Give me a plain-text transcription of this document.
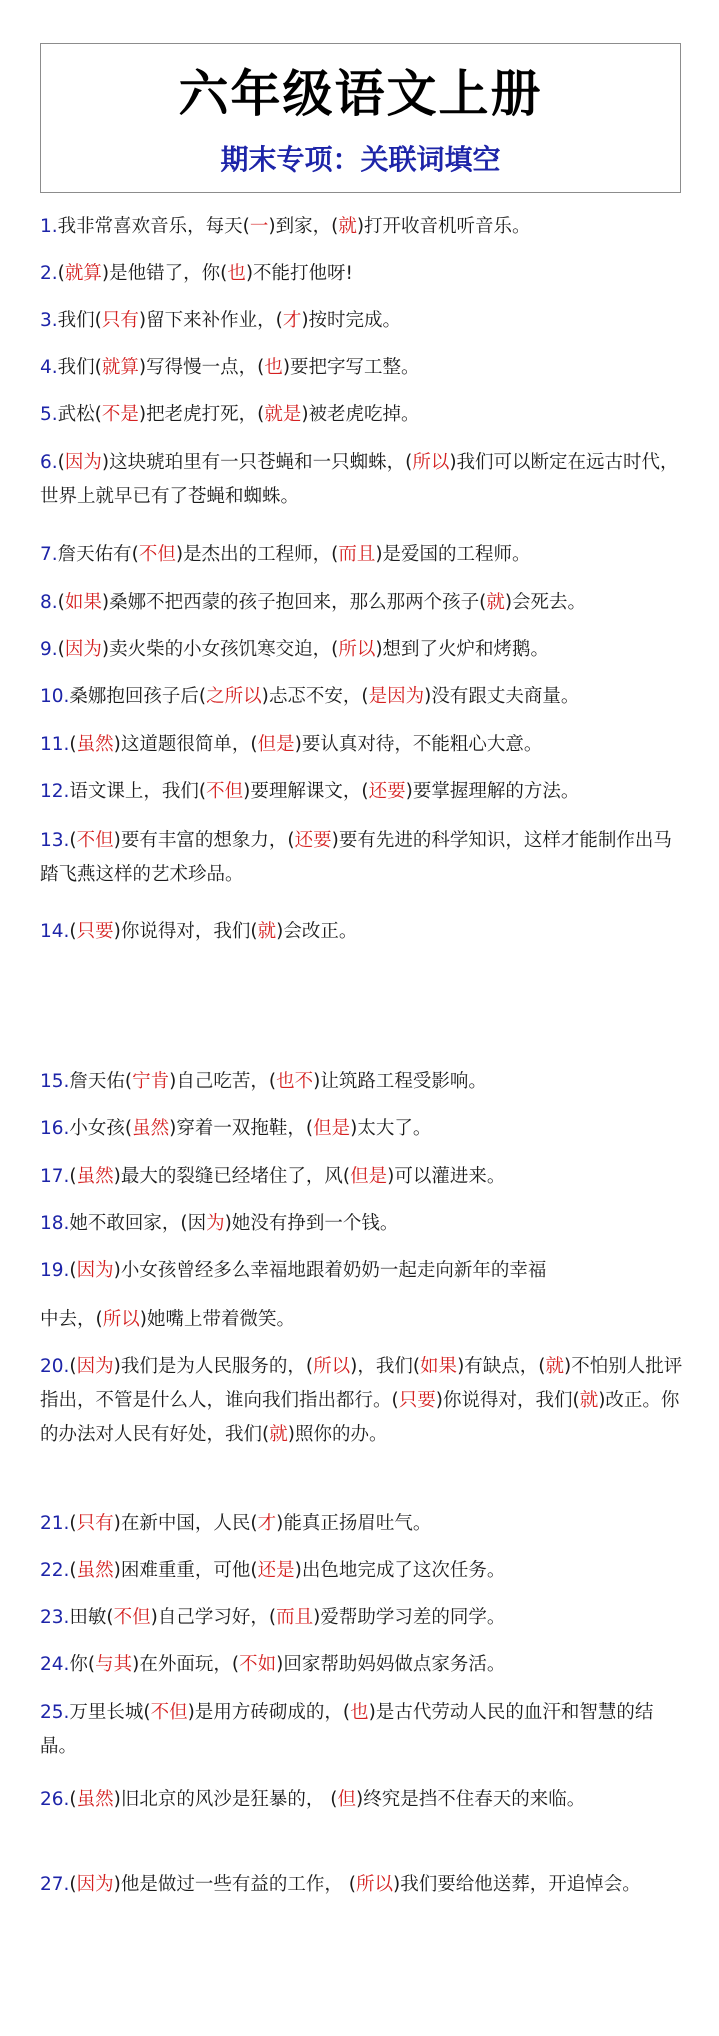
六年级语文上册
期末专项：关联词填空
1.我非常喜欢音乐，每天(一)到家，(就)打开收音机听音乐。
2.(就算)是他错了，你(也)不能打他呀!
3.我们(只有)留下来补作业，(才)按时完成。
4.我们(就算)写得慢一点，(也)要把字写工整。
5.武松(不是)把老虎打死，(就是)被老虎吃掉。
6.(因为)这块琥珀里有一只苍蝇和一只蜘蛛，(所以)我们可以断定在远古时代，世界上就早已有了苍蝇和蜘蛛。
7.詹天佑有(不但)是杰出的工程师，(而且)是爱国的工程师。
8.(如果)桑娜不把西蒙的孩子抱回来，那么那两个孩子(就)会死去。
9.(因为)卖火柴的小女孩饥寒交迫，(所以)想到了火炉和烤鹅。
10.桑娜抱回孩子后(之所以)忐忑不安，(是因为)没有跟丈夫商量。
11.(虽然)这道题很简单，(但是)要认真对待，不能粗心大意。
12.语文课上，我们(不但)要理解课文，(还要)要掌握理解的方法。
13.(不但)要有丰富的想象力，(还要)要有先进的科学知识，这样才能制作出马踏飞燕这样的艺术珍品。
14.(只要)你说得对，我们(就)会改正。
15.詹天佑(宁肯)自己吃苦，(也不)让筑路工程受影响。
16.小女孩(虽然)穿着一双拖鞋，(但是)太大了。
17.(虽然)最大的裂缝已经堵住了，风(但是)可以灌进来。
18.她不敢回家，(因为)她没有挣到一个钱。
19.(因为)小女孩曾经多么幸福地跟着奶奶一起走向新年的幸福
中去，(所以)她嘴上带着微笑。
20.(因为)我们是为人民服务的，(所以)，我们(如果)有缺点，(就)不怕别人批评指出，不管是什么人，谁向我们指出都行。(只要)你说得对，我们(就)改正。你的办法对人民有好处，我们(就)照你的办。
21.(只有)在新中国，人民(才)能真正扬眉吐气。
22.(虽然)困难重重，可他(还是)出色地完成了这次任务。
23.田敏(不但)自己学习好，(而且)爱帮助学习差的同学。
24.你(与其)在外面玩，(不如)回家帮助妈妈做点家务活。
25.万里长城(不但)是用方砖砌成的，(也)是古代劳动人民的血汗和智慧的结晶。
26.(虽然)旧北京的风沙是狂暴的， (但)终究是挡不住春天的来临。
27.(因为)他是做过一些有益的工作， (所以)我们要给他送葬，开追悼会。
